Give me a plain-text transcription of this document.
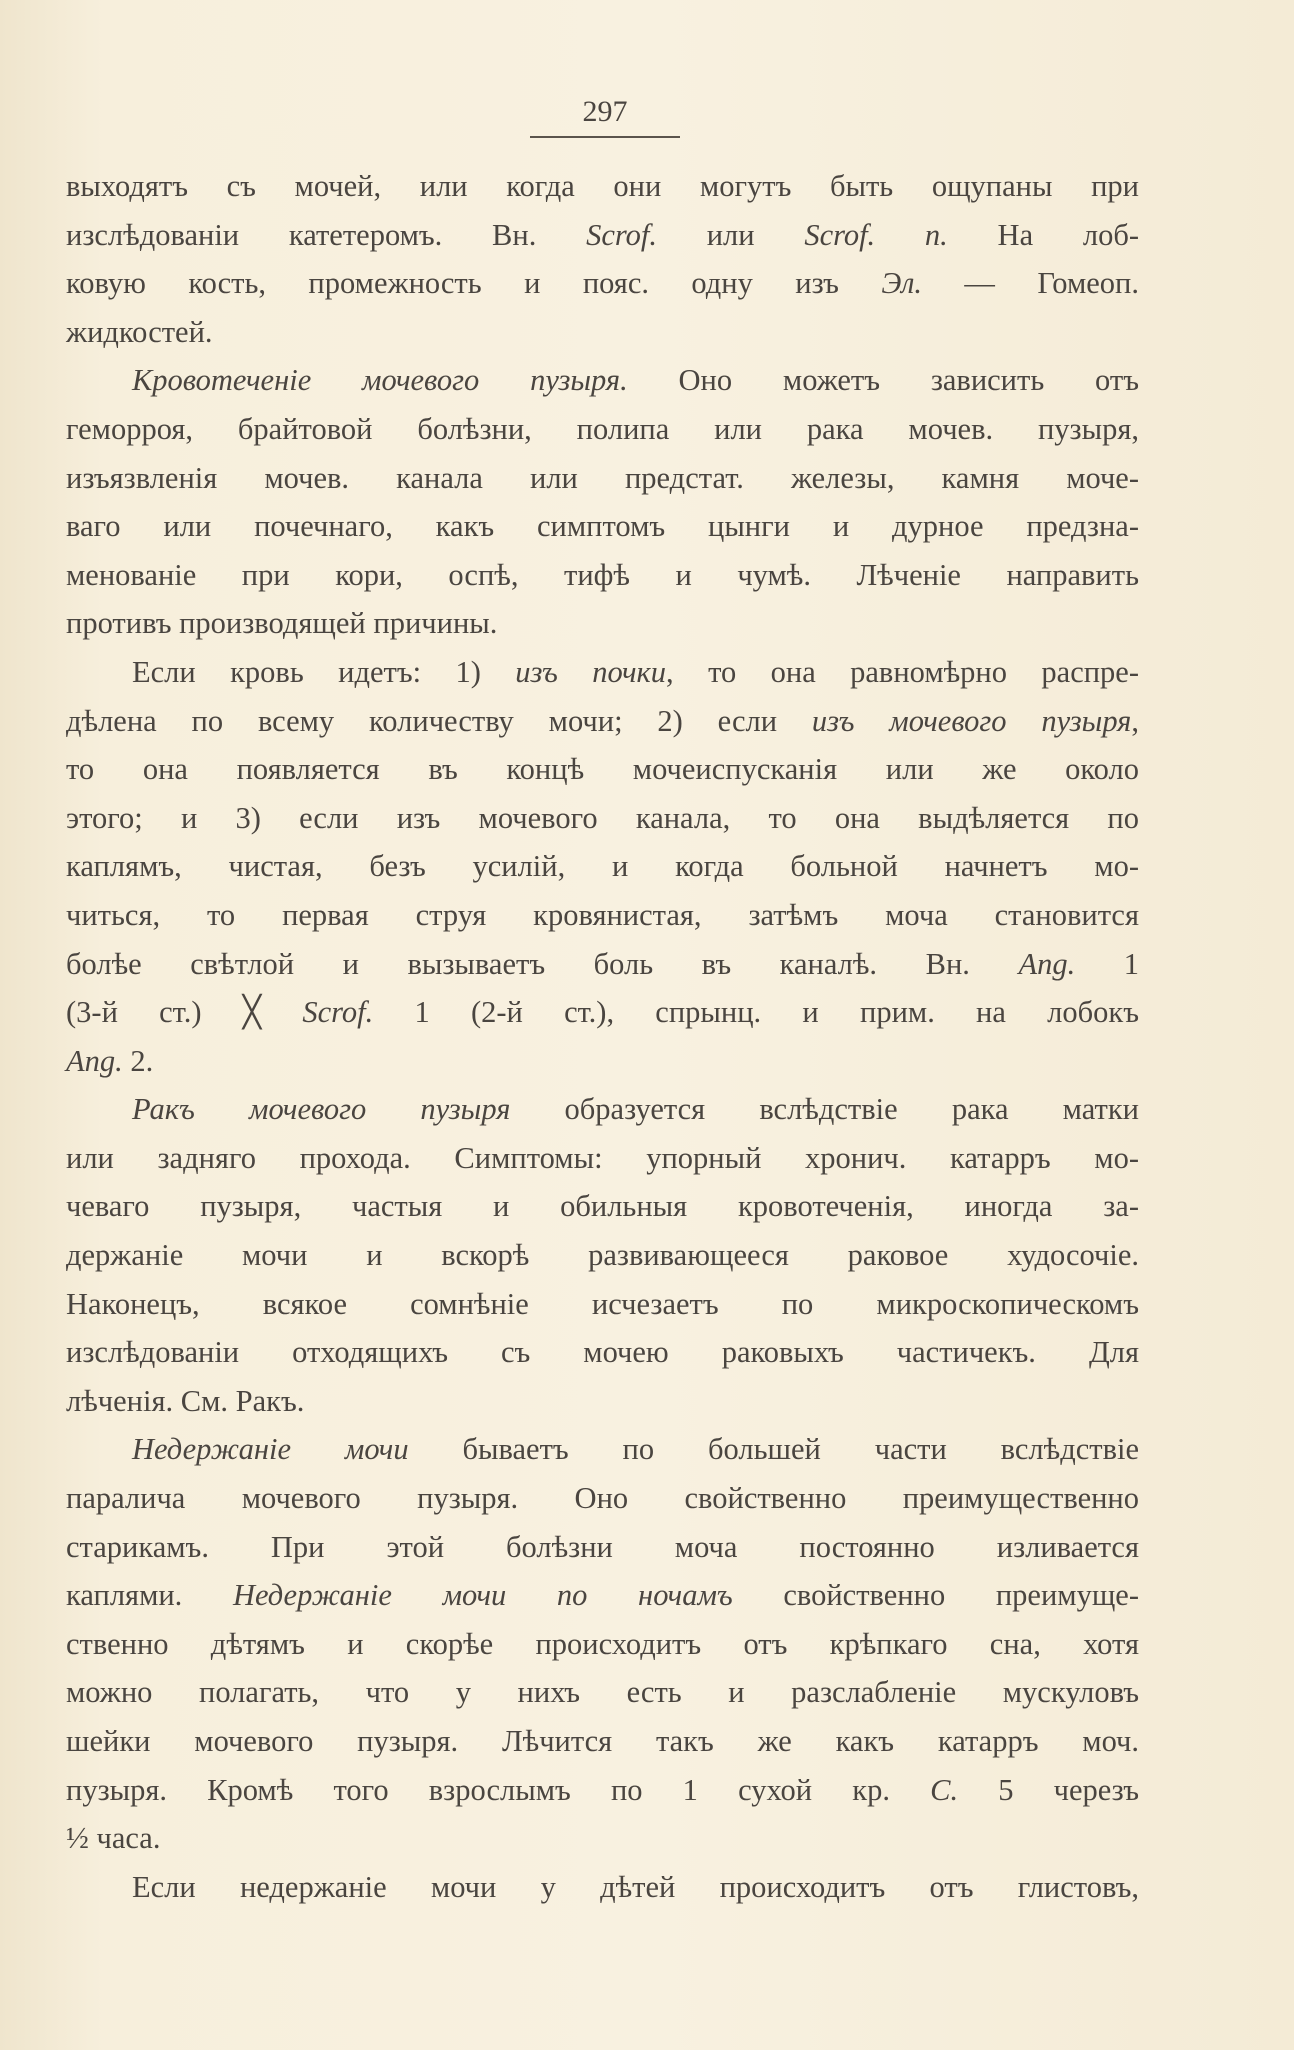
297
выходятъ съ мочей, или когда они могутъ быть ощупаны при
изслѣдованіи катетеромъ. Вн. Scrof. или Scrof. n. На лоб-
ковую кость, промежность и пояс. одну изъ Эл. — Гомеоп.
жидкостей.
Кровотеченіе мочевого пузыря. Оно можетъ зависить отъ
геморроя, брайтовой болѣзни, полипа или рака мочев. пузыря,
изъязвленія мочев. канала или предстат. железы, камня моче-
ваго или почечнаго, какъ симптомъ цынги и дурное предзна-
менованіе при кори, оспѣ, тифѣ и чумѣ. Лѣченіе направить
противъ производящей причины.
Если кровь идетъ: 1) изъ почки, то она равномѣрно распре-
дѣлена по всему количеству мочи; 2) если изъ мочевого пузыря,
то она появляется въ концѣ мочеиспусканія или же около
этого; и 3) если изъ мочевого канала, то она выдѣляется по
каплямъ, чистая, безъ усилій, и когда больной начнетъ мо-
читься, то первая струя кровянистая, затѣмъ моча становится
болѣе свѣтлой и вызываетъ боль въ каналѣ. Вн. Ang. 1
(3-й ст.) ╳ Scrof. 1 (2-й ст.), спрынц. и прим. на лобокъ
Ang. 2.
Ракъ мочевого пузыря образуется вслѣдствіе рака матки
или задняго прохода. Симптомы: упорный хронич. катарръ мо-
чеваго пузыря, частыя и обильныя кровотеченія, иногда за-
держаніе мочи и вскорѣ развивающееся раковое худосочіе.
Наконецъ, всякое сомнѣніе исчезаетъ по микроскопическомъ
изслѣдованіи отходящихъ съ мочею раковыхъ частичекъ. Для
лѣченія. См. Ракъ.
Недержаніе мочи бываетъ по большей части вслѣдствіе
паралича мочевого пузыря. Оно свойственно преимущественно
старикамъ. При этой болѣзни моча постоянно изливается
каплями. Недержаніе мочи по ночамъ свойственно преимуще-
ственно дѣтямъ и скорѣе происходитъ отъ крѣпкаго сна, хотя
можно полагать, что у нихъ есть и разслабленіе мускуловъ
шейки мочевого пузыря. Лѣчится такъ же какъ катарръ моч.
пузыря. Кромѣ того взрослымъ по 1 сухой кр. C. 5 черезъ
½ часа.
Если недержаніе мочи у дѣтей происходитъ отъ глистовъ,
